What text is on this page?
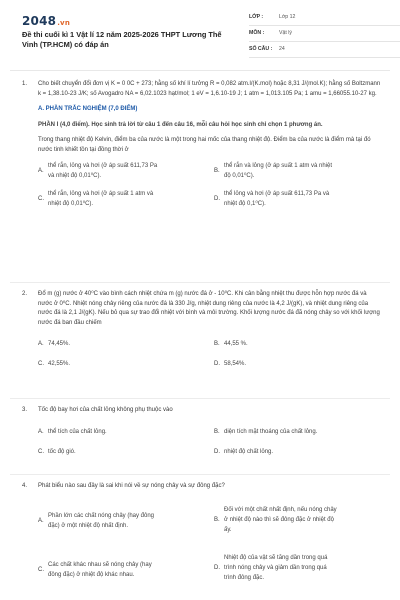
2048.vn
Đề thi cuối kì 1 Vật lí 12 năm 2025-2026 THPT Lương Thế Vinh (TP.HCM) có đáp án
LỚP :	Lớp 12
MÔN :	Vật lý
SỐ CÂU : 24
1. Cho biết chuyển đổi đơn vị K = 0 0C + 273; hằng số khí lí tưởng R = 0,082 atm.l/(K.mol) hoặc 8,31 J/(mol.K); hằng số Boltzmann k = 1,38.10-23 J/K; số Avogadro NA = 6,02.1023 hạt/mol; 1 eV = 1,6.10-19 J; 1 atm = 1,013.105 Pa; 1 amu = 1,66055.10-27 kg.
A. PHẦN TRẮC NGHIỆM (7,0 ĐIỂM)
PHẦN I (4,0 điểm). Học sinh trả lời từ câu 1 đến câu 16, mỗi câu hỏi học sinh chỉ chọn 1 phương án.
Trong thang nhiệt độ Kelvin, điểm ba của nước là một trong hai mốc của thang nhiệt độ. Điểm ba của nước là điểm mà tại đó nước tinh khiết tồn tại đồng thời ở
A.
thể rắn, lỏng và hơi (ở áp suất 611,73 Pa
và nhiệt độ 0,01⁰C).
B.
thể rắn và lỏng (ở áp suất 1 atm và nhiệt
độ 0,01⁰C).
C.
thể rắn, lỏng và hơi (ở áp suất 1 atm và
nhiệt độ 0,01⁰C).
D.
thể lỏng và hơi (ở áp suất 611,73 Pa và
nhiệt độ 0,1⁰C).
2. Đổ m (g) nước ở 40⁰C vào bình cách nhiệt chứa m (g) nước đá ở - 10⁰C. Khi cân bằng nhiệt thu được hỗn hợp nước đá và nước ở 0⁰C. Nhiệt nóng chảy riêng của nước đá là 330 J/g, nhiệt dung riêng của nước là 4,2 J/(gK), và nhiệt dung riêng của nước đá là 2,1 J/(gK). Nếu bỏ qua sự trao đổi nhiệt với bình và môi trường. Khối lượng nước đá đã nóng chảy so với khối lượng nước đá ban đầu chiếm
A. 74,45%.	B. 44,55 %.
C. 42,55%.	D. 58,54%.
3. Tốc độ bay hơi của chất lỏng không phụ thuộc vào
A. thể tích của chất lỏng.	B. diện tích mặt thoáng của chất lỏng.
C. tốc độ gió.	D. nhiệt độ chất lỏng.
4. Phát biểu nào sau đây là sai khi nói về sự nóng chảy và sự đông đặc?
A.
Phần lớn các chất nóng chảy (hay đông
đặc) ở một nhiệt độ nhất định.
B.
Đối với một chất nhất định, nếu nóng chảy
ở nhiệt độ nào thì sẽ đông đặc ở nhiệt độ
ấy.
C.
Các chất khác nhau sẽ nóng chảy (hay
đông đặc) ở nhiệt độ khác nhau.
D.
Nhiệt độ của vật sẽ tăng dần trong quá
trình nóng chảy và giảm dần trong quá
trình đông đặc.
